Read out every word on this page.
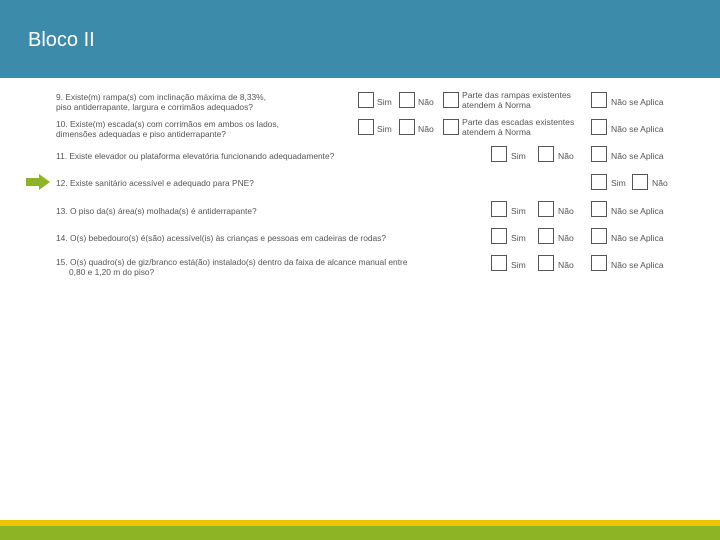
Bloco II
9. Existe(m) rampa(s) com inclinação máxima de 8,33%,
piso antiderrapante, largura e corrimãos adequados?	Sim	Não
Parte das rampas existentes atendem à Norma	Não se Aplica
10. Existe(m) escada(s) com corrimãos em ambos os lados,
dimensões adequadas e piso antiderrapante?	Sim	Não
Parte das escadas existentes atendem à Norma	Não se Aplica
11. Existe elevador ou plataforma elevatória funcionando adequadamente?	Sim	Não	Não se Aplica
12. Existe sanitário acessível e adequado para PNE?	Sim	Não
13. O piso da(s) área(s) molhada(s) é antiderrapante?	Sim	Não	Não se Aplica
14. O(s) bebedouro(s) é(são) acessível(is) às crianças e pessoas em cadeiras de rodas?	Sim	Não	Não se Aplica
15. O(s) quadro(s) de giz/branco está(ão) instalado(s) dentro da faixa de alcance manual entre
0,80 e 1,20 m do piso?
Sim	Não	Não se Aplica
